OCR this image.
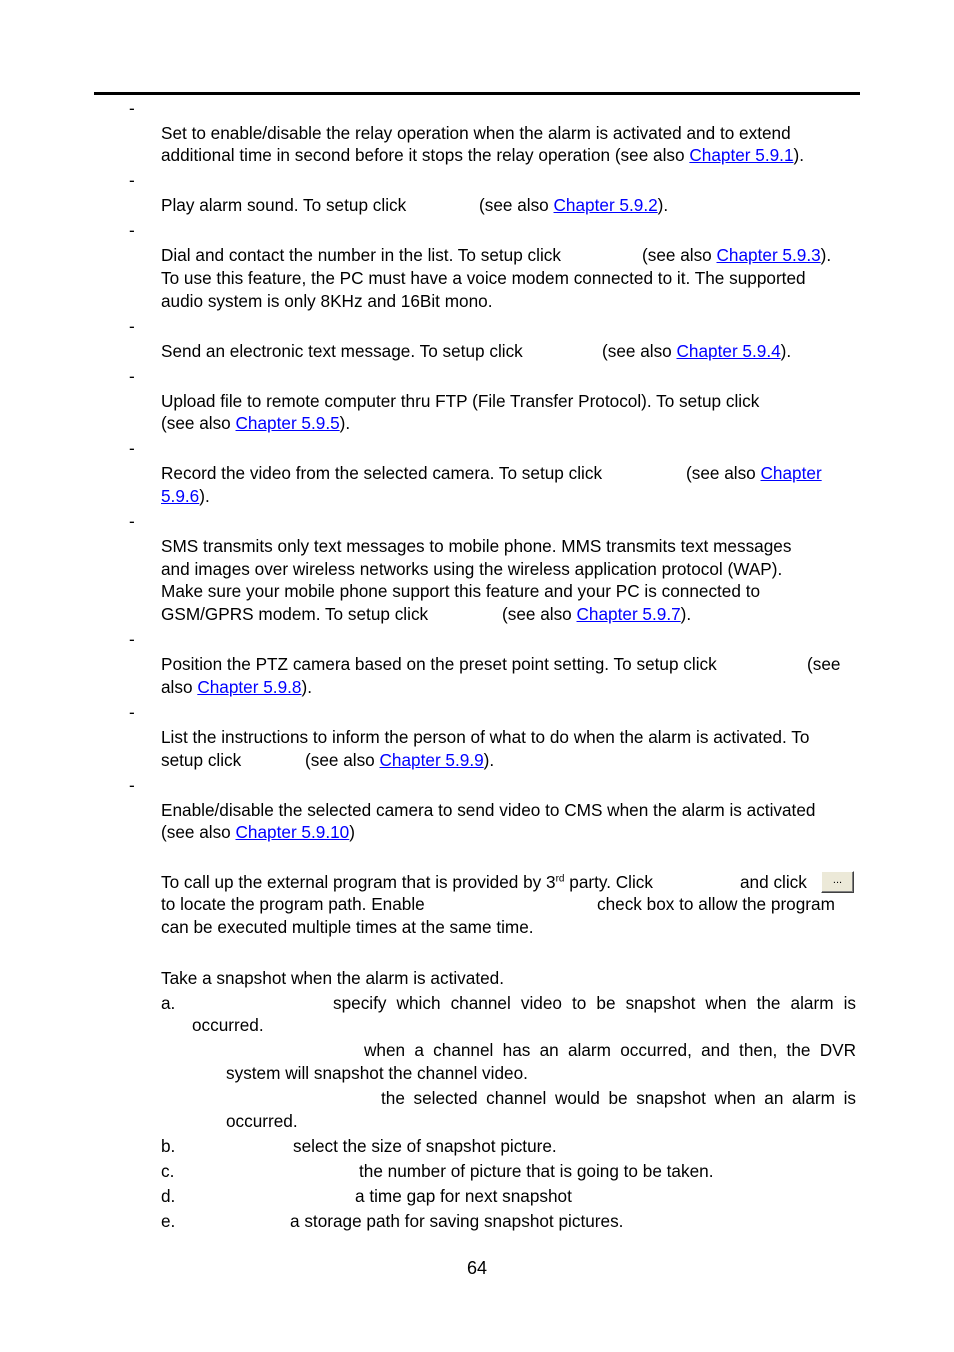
-
Set to enable/disable the relay operation when the alarm is activated and to extend
additional time in second before it stops the relay operation (see also Chapter 5.9.1).
-
Play alarm sound. To setup click	(see also Chapter 5.9.2).
-
Dial and contact the number in the list. To setup click	(see also Chapter 5.9.3).
To use this feature, the PC must have a voice modem connected to it. The supported
audio system is only 8KHz and 16Bit mono.
-
Send an electronic text message. To setup click	(see also Chapter 5.9.4).
-
Upload file to remote computer thru FTP (File Transfer Protocol). To setup click
(see also Chapter 5.9.5).
-
Record the video from the selected camera. To setup click	(see also Chapter
5.9.6).
-
SMS transmits only text messages to mobile phone. MMS transmits text messages
and images over wireless networks using the wireless application protocol (WAP).
Make sure your mobile phone support this feature and your PC is connected to
GSM/GPRS modem. To setup click	(see also Chapter 5.9.7).
-
Position the PTZ camera based on the preset point setting. To setup click	(see
also Chapter 5.9.8).
-
List the instructions to inform the person of what to do when the alarm is activated. To
setup click	(see also Chapter 5.9.9).
-
Enable/disable the selected camera to send video to CMS when the alarm is activated
(see also Chapter 5.9.10)
To call up the external program that is provided by 3rd party. Click	and click	...
to locate the program path. Enable	check box to allow the program
can be executed multiple times at the same time.
Take a snapshot when the alarm is activated.
a.	specify which channel video to be snapshot when the alarm is
occurred.
when a channel has an alarm occurred, and then, the DVR
system will snapshot the channel video.
the selected channel would be snapshot when an alarm is
occurred.
b.	select the size of snapshot picture.
c.	the number of picture that is going to be taken.
d.	a time gap for next snapshot
e.	a storage path for saving snapshot pictures.
64
